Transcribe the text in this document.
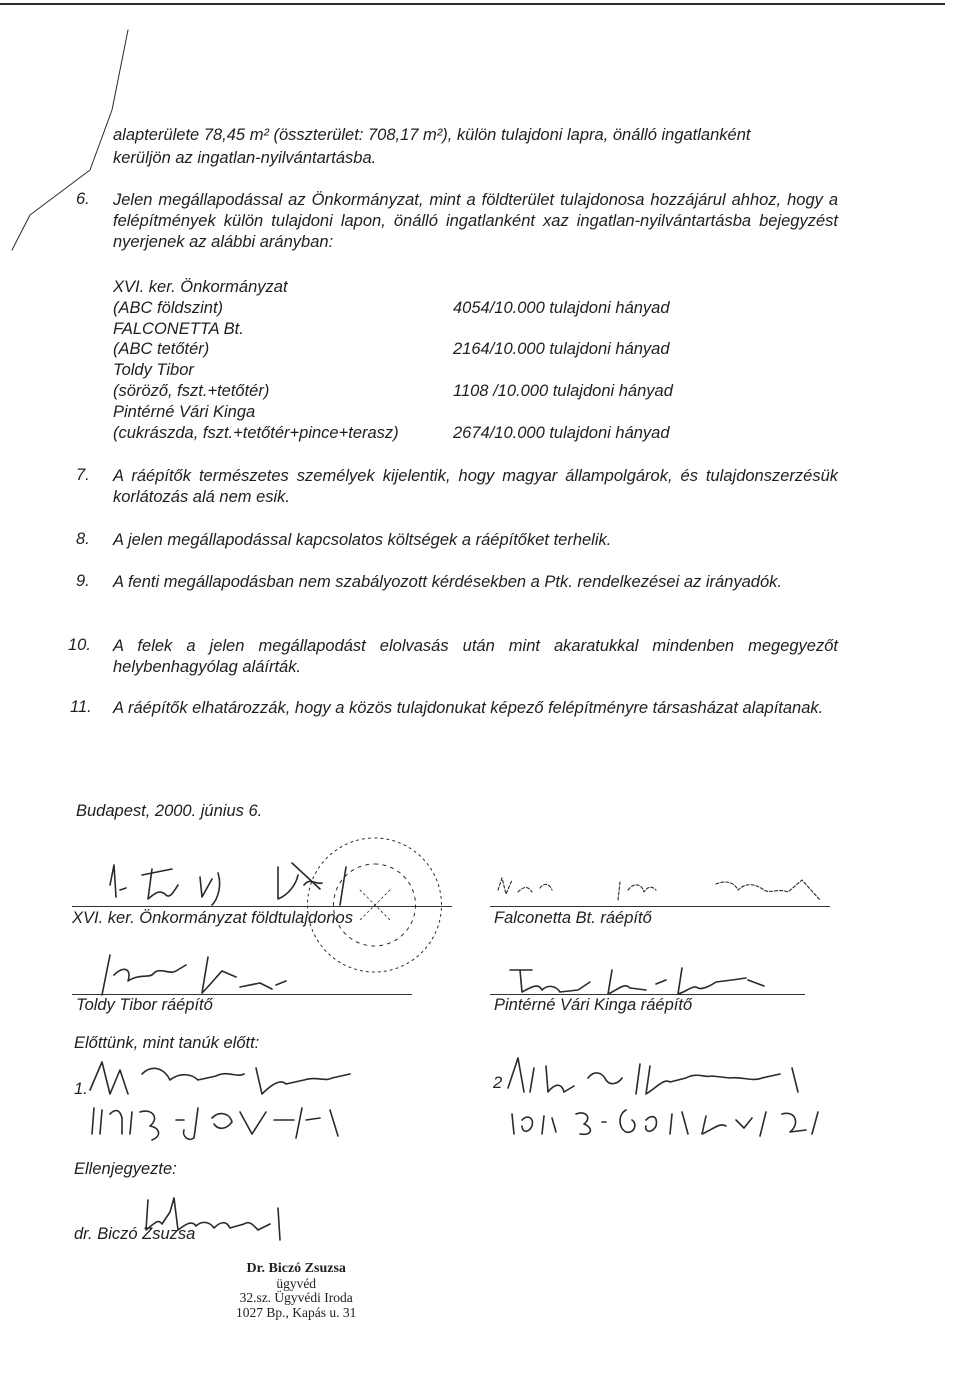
alapterülete 78,45 m² (összterület: 708,17 m²), külön tulajdoni lapra, önálló ingatlanként
kerüljön az ingatlan-nyilvántartásba.
6. Jelen megállapodással az Önkormányzat, mint a földterület tulajdonosa hozzájárul ahhoz, hogy a felépítmények külön tulajdoni lapon, önálló ingatlanként xaz ingatlan-nyilvántartásba bejegyzést nyerjenek az alábbi arányban:
XVI. ker. Önkormányzat
(ABC földszint)	4054/10.000 tulajdoni hányad
FALCONETTA Bt.
(ABC tetőtér)	2164/10.000 tulajdoni hányad
Toldy Tibor
(söröző, fszt.+tetőtér)	1108 /10.000 tulajdoni hányad
Pintérné Vári Kinga
(cukrászda, fszt.+tetőtér+pince+terasz)	2674/10.000 tulajdoni hányad
7. A ráépítők természetes személyek kijelentik, hogy magyar állampolgárok, és tulajdonszerzésük korlátozás alá nem esik.
8. A jelen megállapodással kapcsolatos költségek a ráépítőket terhelik.
9. A fenti megállapodásban nem szabályozott kérdésekben a Ptk. rendelkezései az irányadók.
10. A felek a jelen megállapodást elolvasás után mint akaratukkal mindenben megegyezőt helybenhagyólag aláírták.
11. A ráépítők elhatározzák, hogy a közös tulajdonukat képező felépítményre társasházat alapítanak.
Budapest, 2000. június 6.
XVI. ker. Önkormányzat földtulajdonos	Falconetta Bt. ráépítő
Toldy Tibor ráépítő	Pintérné Vári Kinga ráépítő
Előttünk, mint tanúk előtt:
1.	2
Ellenjegyezte:
dr. Biczó Zsuzsa
Dr. Biczó Zsuzsa
ügyvéd
32.sz. Ügyvédi Iroda
1027 Bp., Kapás u. 31
